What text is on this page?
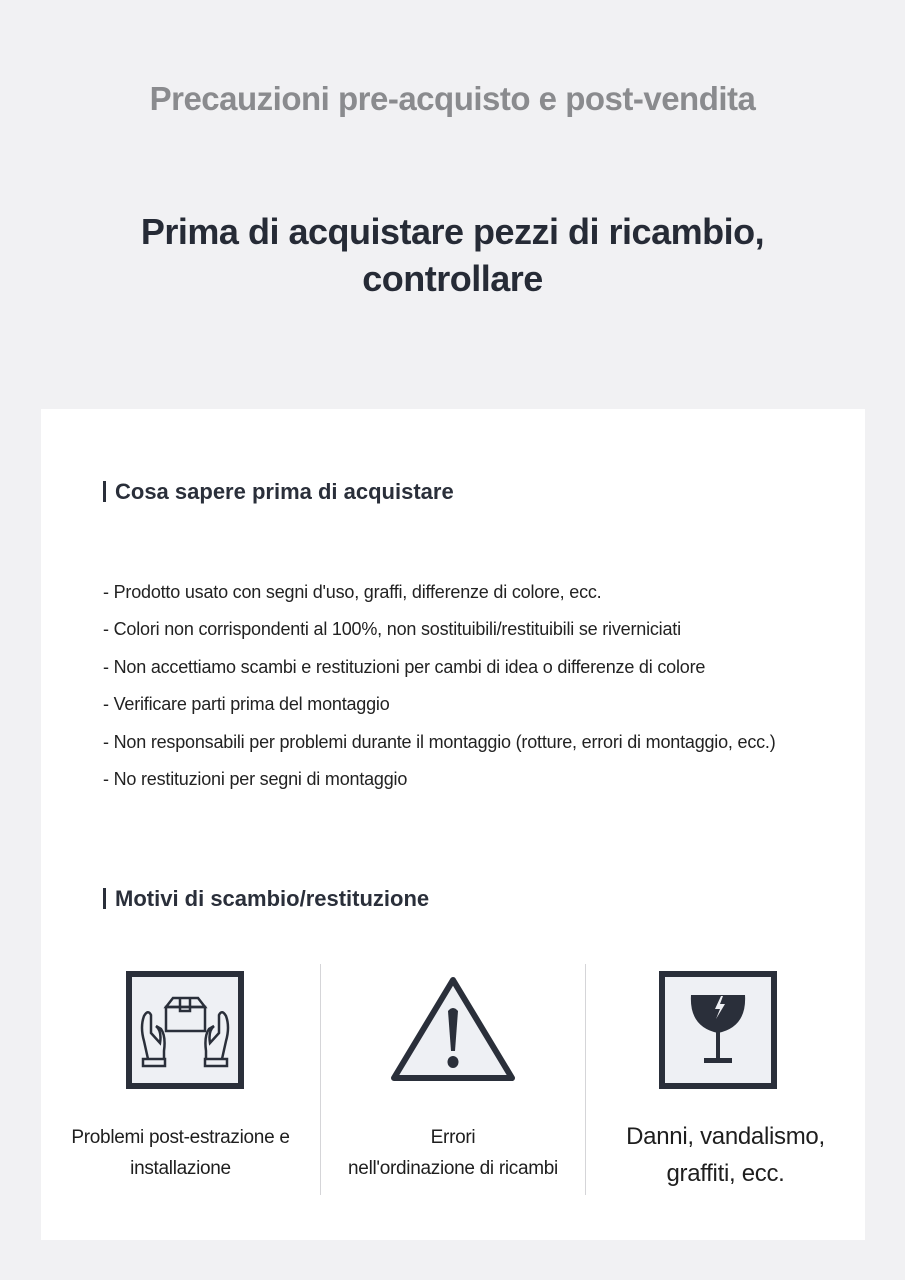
Precauzioni pre-acquisto e post-vendita
Prima di acquistare pezzi di ricambio,
controllare
Cosa sapere prima di acquistare
- Prodotto usato con segni d'uso, graffi, differenze di colore, ecc.
- Colori non corrispondenti al 100%, non sostituibili/restituibili se riverniciati
- Non accettiamo scambi e restituzioni per cambi di idea o differenze di colore
- Verificare parti prima del montaggio
- Non responsabili per problemi durante il montaggio (rotture, errori di montaggio, ecc.)
- No restituzioni per segni di montaggio
Motivi di scambio/restituzione
Problemi post-estrazione e
installazione
Errori
nell'ordinazione di ricambi
Danni, vandalismo,
graffiti, ecc.
